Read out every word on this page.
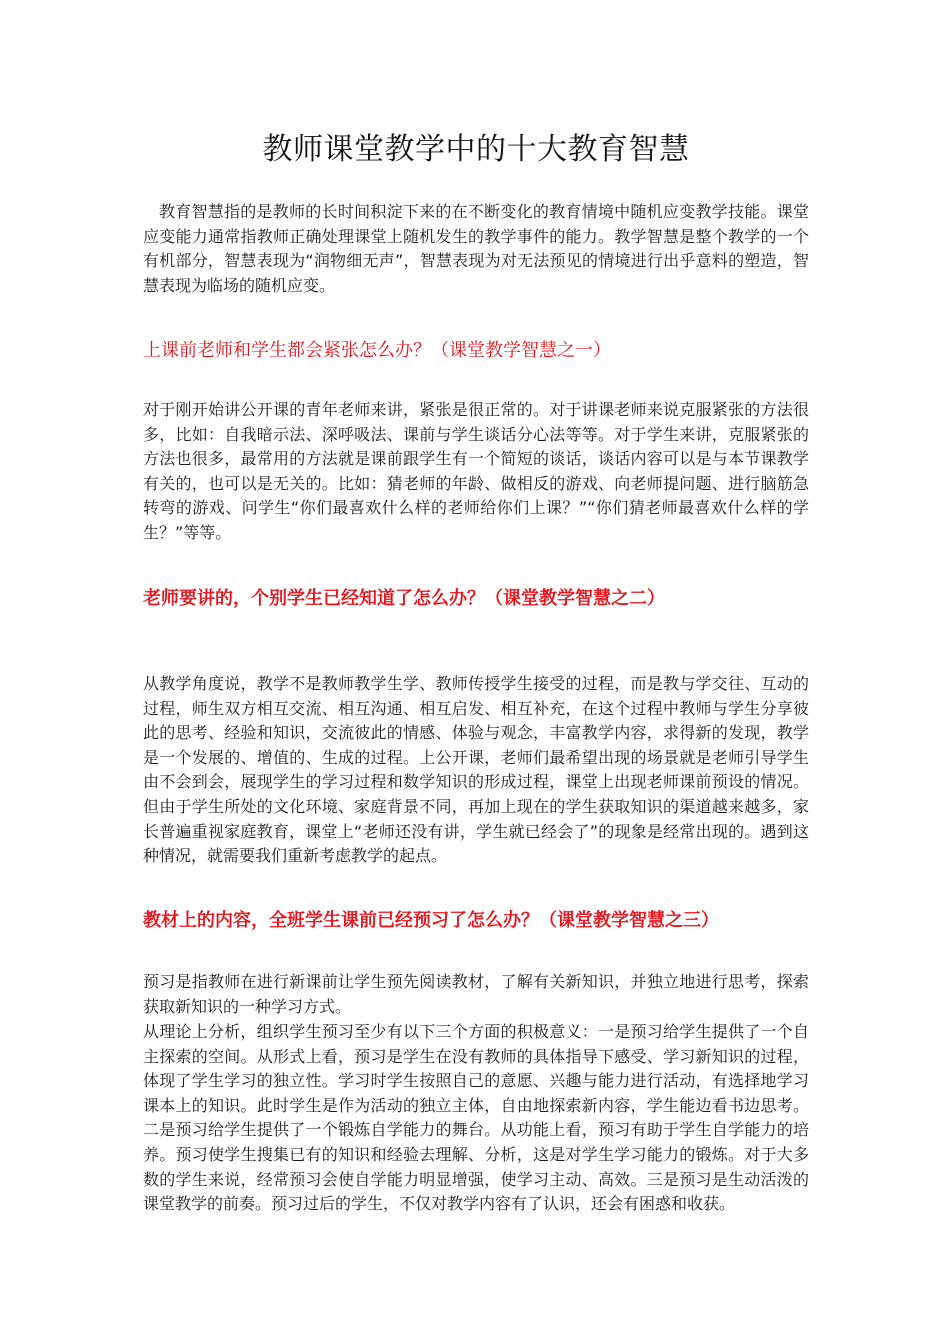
教师课堂教学中的十大教育智慧

教育智慧指的是教师的长时间积淀下来的在不断变化的教育情境中随机应变教学技能。课堂应变能力通常指教师正确处理课堂上随机发生的教学事件的能力。教学智慧是整个教学的一个有机部分，智慧表现为“润物细无声”，智慧表现为对无法预见的情境进行出乎意料的塑造，智慧表现为临场的随机应变。

上课前老师和学生都会紧张怎么办？（课堂教学智慧之一）

对于刚开始讲公开课的青年老师来讲，紧张是很正常的。对于讲课老师来说克服紧张的方法很多，比如：自我暗示法、深呼吸法、课前与学生谈话分心法等等。对于学生来讲，克服紧张的方法也很多，最常用的方法就是课前跟学生有一个简短的谈话，谈话内容可以是与本节课教学有关的，也可以是无关的。比如：猜老师的年龄、做相反的游戏、向老师提问题、进行脑筋急转弯的游戏、问学生“你们最喜欢什么样的老师给你们上课？”“你们猜老师最喜欢什么样的学生？”等等。

老师要讲的，个别学生已经知道了怎么办？（课堂教学智慧之二）

从教学角度说，教学不是教师教学生学、教师传授学生接受的过程，而是教与学交往、互动的过程，师生双方相互交流、相互沟通、相互启发、相互补充，在这个过程中教师与学生分享彼此的思考、经验和知识，交流彼此的情感、体验与观念，丰富教学内容，求得新的发现，教学是一个发展的、增值的、生成的过程。上公开课，老师们最希望出现的场景就是老师引导学生由不会到会，展现学生的学习过程和数学知识的形成过程，课堂上出现老师课前预设的情况。但由于学生所处的文化环境、家庭背景不同，再加上现在的学生获取知识的渠道越来越多，家长普遍重视家庭教育，课堂上“老师还没有讲，学生就已经会了”的现象是经常出现的。遇到这种情况，就需要我们重新考虑教学的起点。

教材上的内容，全班学生课前已经预习了怎么办？（课堂教学智慧之三）

预习是指教师在进行新课前让学生预先阅读教材，了解有关新知识，并独立地进行思考，探索获取新知识的一种学习方式。

从理论上分析，组织学生预习至少有以下三个方面的积极意义：一是预习给学生提供了一个自主探索的空间。从形式上看，预习是学生在没有教师的具体指导下感受、学习新知识的过程，体现了学生学习的独立性。学习时学生按照自己的意愿、兴趣与能力进行活动，有选择地学习课本上的知识。此时学生是作为活动的独立主体，自由地探索新内容，学生能边看书边思考。二是预习给学生提供了一个锻炼自学能力的舞台。从功能上看，预习有助于学生自学能力的培养。预习使学生搜集已有的知识和经验去理解、分析，这是对学生学习能力的锻炼。对于大多数的学生来说，经常预习会使自学能力明显增强，使学习主动、高效。三是预习是生动活泼的课堂教学的前奏。预习过后的学生，不仅对教学内容有了认识，还会有困惑和收获。
